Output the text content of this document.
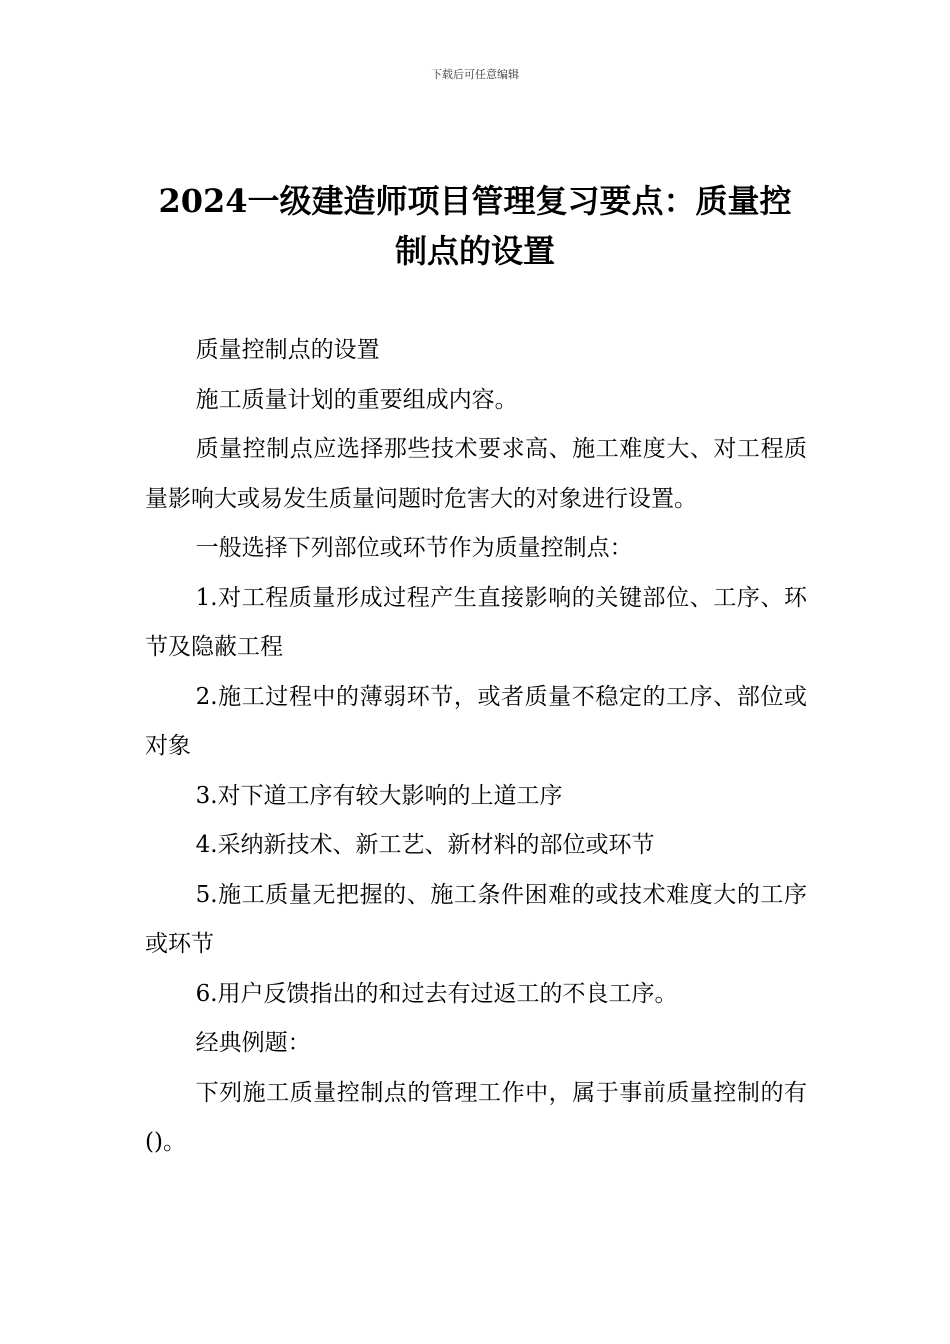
下载后可任意编辑
2024一级建造师项目管理复习要点：质量控制点的设置

质量控制点的设置

施工质量计划的重要组成内容。

质量控制点应选择那些技术要求高、施工难度大、对工程质量影响大或易发生质量问题时危害大的对象进行设置。

一般选择下列部位或环节作为质量控制点：

1.对工程质量形成过程产生直接影响的关键部位、工序、环节及隐蔽工程

2.施工过程中的薄弱环节，或者质量不稳定的工序、部位或对象

3.对下道工序有较大影响的上道工序

4.采纳新技术、新工艺、新材料的部位或环节

5.施工质量无把握的、施工条件困难的或技术难度大的工序或环节

6.用户反馈指出的和过去有过返工的不良工序。

经典例题：

下列施工质量控制点的管理工作中，属于事前质量控制的有()。
